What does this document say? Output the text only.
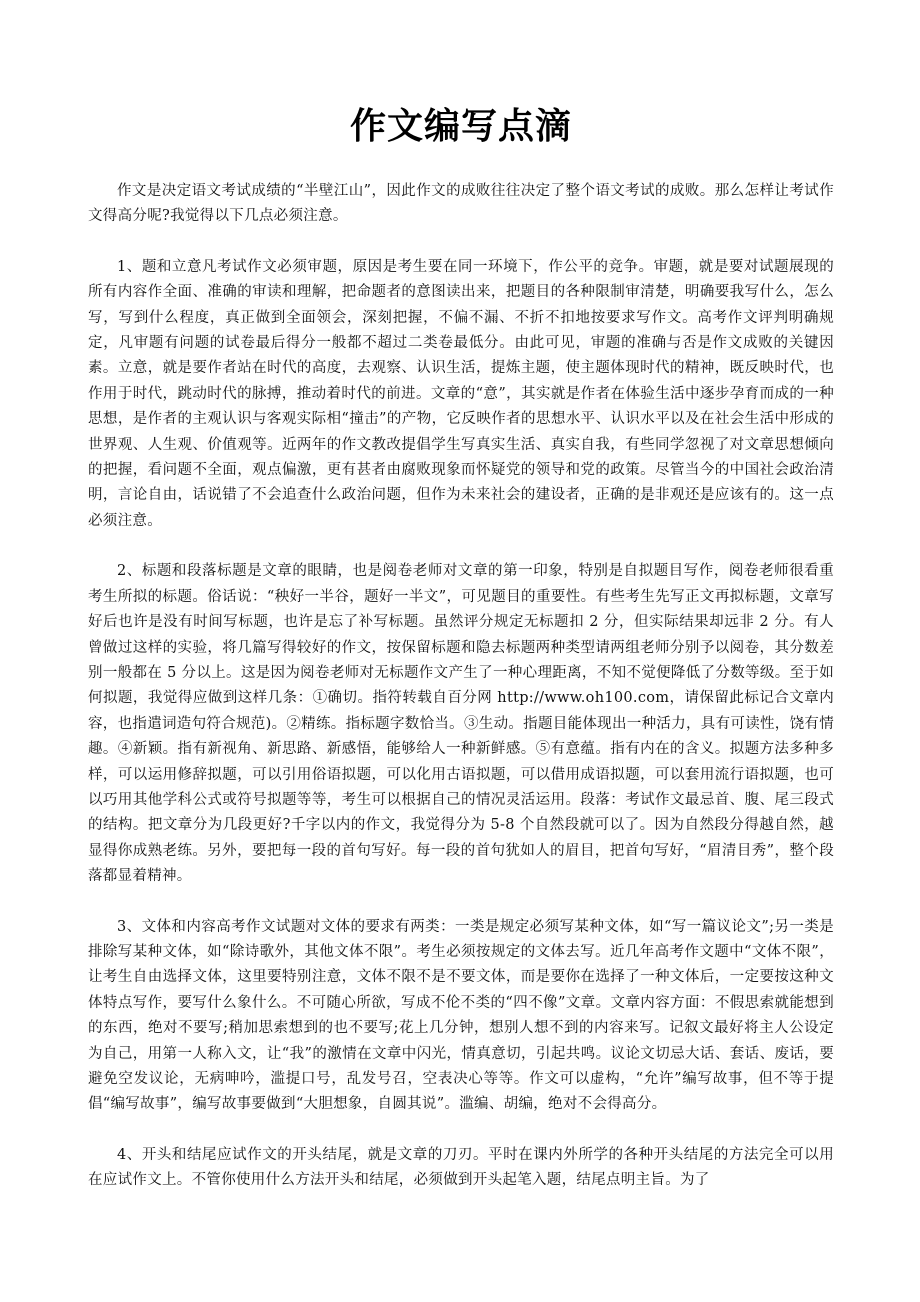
作文编写点滴

作文是决定语文考试成绩的“半壁江山”，因此作文的成败往往决定了整个语文考试的成败。那么怎样让考试作文得高分呢?我觉得以下几点必须注意。

1、题和立意凡考试作文必须审题，原因是考生要在同一环境下，作公平的竞争。审题，就是要对试题展现的所有内容作全面、准确的审读和理解，把命题者的意图读出来，把题目的各种限制审清楚，明确要我写什么，怎么写，写到什么程度，真正做到全面领会，深刻把握，不偏不漏、不折不扣地按要求写作文。高考作文评判明确规定，凡审题有问题的试卷最后得分一般都不超过二类卷最低分。由此可见，审题的准确与否是作文成败的关键因素。立意，就是要作者站在时代的高度，去观察、认识生活，提炼主题，使主题体现时代的精神，既反映时代，也作用于时代，跳动时代的脉搏，推动着时代的前进。文章的“意”，其实就是作者在体验生活中逐步孕育而成的一种思想，是作者的主观认识与客观实际相“撞击”的产物，它反映作者的思想水平、认识水平以及在社会生活中形成的世界观、人生观、价值观等。近两年的作文教改提倡学生写真实生活、真实自我，有些同学忽视了对文章思想倾向的把握，看问题不全面，观点偏激，更有甚者由腐败现象而怀疑党的领导和党的政策。尽管当今的中国社会政治清明，言论自由，话说错了不会追查什么政治问题，但作为未来社会的建设者，正确的是非观还是应该有的。这一点必须注意。

2、标题和段落标题是文章的眼睛，也是阅卷老师对文章的第一印象，特别是自拟题目写作，阅卷老师很看重考生所拟的标题。俗话说：“秧好一半谷，题好一半文”，可见题目的重要性。有些考生先写正文再拟标题，文章写好后也许是没有时间写标题，也许是忘了补写标题。虽然评分规定无标题扣 2 分，但实际结果却远非 2 分。有人曾做过这样的实验，将几篇写得较好的作文，按保留标题和隐去标题两种类型请两组老师分别予以阅卷，其分数差别一般都在 5 分以上。这是因为阅卷老师对无标题作文产生了一种心理距离，不知不觉便降低了分数等级。至于如何拟题，我觉得应做到这样几条：①确切。指符转载自百分网 http://www.oh100.com，请保留此标记合文章内容，也指遣词造句符合规范)。②精练。指标题字数恰当。③生动。指题目能体现出一种活力，具有可读性，饶有情趣。④新颖。指有新视角、新思路、新感悟，能够给人一种新鲜感。⑤有意蕴。指有内在的含义。拟题方法多种多样，可以运用修辞拟题，可以引用俗语拟题，可以化用古语拟题，可以借用成语拟题，可以套用流行语拟题，也可以巧用其他学科公式或符号拟题等等，考生可以根据自己的情况灵活运用。段落：考试作文最忌首、腹、尾三段式的结构。把文章分为几段更好?千字以内的作文，我觉得分为 5-8 个自然段就可以了。因为自然段分得越自然，越显得你成熟老练。另外，要把每一段的首句写好。每一段的首句犹如人的眉目，把首句写好，“眉清目秀”，整个段落都显着精神。

3、文体和内容高考作文试题对文体的要求有两类：一类是规定必须写某种文体，如“写一篇议论文”;另一类是排除写某种文体，如“除诗歌外，其他文体不限”。考生必须按规定的文体去写。近几年高考作文题中“文体不限”，让考生自由选择文体，这里要特别注意，文体不限不是不要文体，而是要你在选择了一种文体后，一定要按这种文体特点写作，要写什么象什么。不可随心所欲，写成不伦不类的“四不像”文章。文章内容方面：不假思索就能想到的东西，绝对不要写;稍加思索想到的也不要写;花上几分钟，想别人想不到的内容来写。记叙文最好将主人公设定为自己，用第一人称入文，让“我”的激情在文章中闪光，情真意切，引起共鸣。议论文切忌大话、套话、废话，要避免空发议论，无病呻吟，滥提口号，乱发号召，空表决心等等。作文可以虚构，“允许”编写故事，但不等于提倡“编写故事”，编写故事要做到“大胆想象，自圆其说”。滥编、胡编，绝对不会得高分。

4、开头和结尾应试作文的开头结尾，就是文章的刀刃。平时在课内外所学的各种开头结尾的方法完全可以用在应试作文上。不管你使用什么方法开头和结尾，必须做到开头起笔入题，结尾点明主旨。为了
